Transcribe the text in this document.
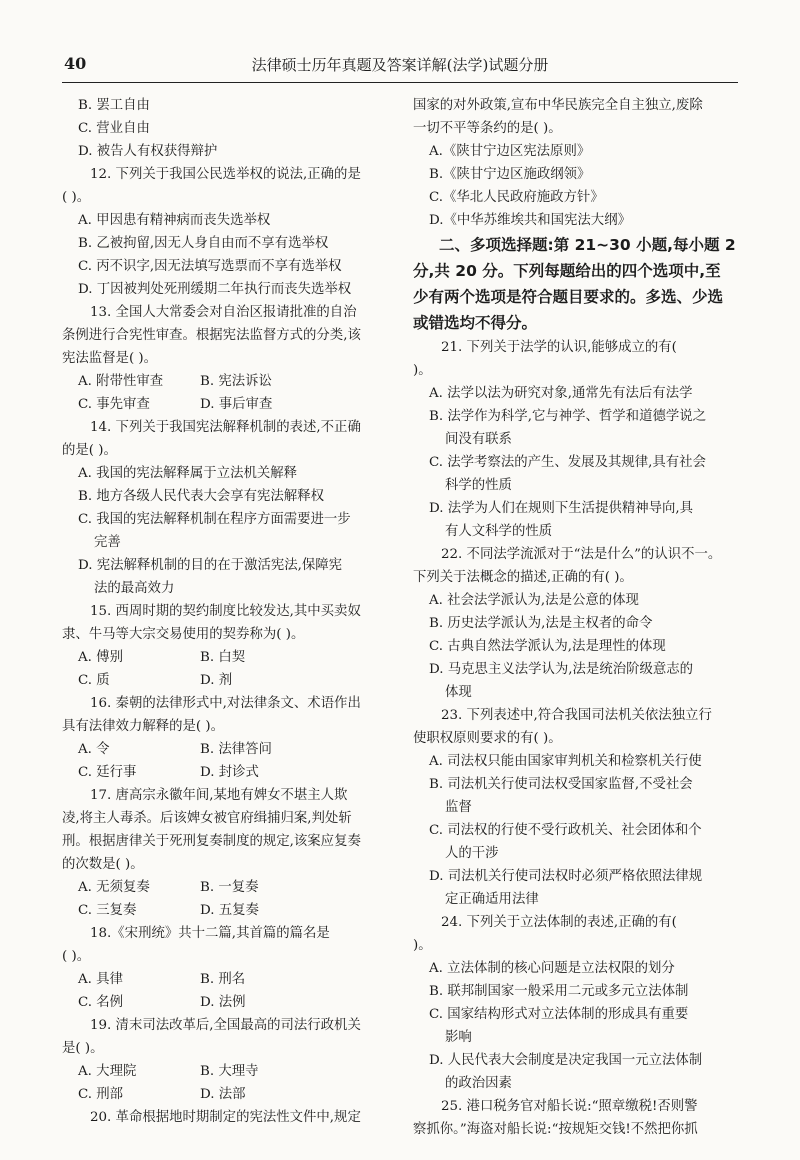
40	法律硕士历年真题及答案详解(法学)试题分册
B. 罢工自由
C. 营业自由
D. 被告人有权获得辩护
12. 下列关于我国公民选举权的说法,正确的是
( )。
A. 甲因患有精神病而丧失选举权
B. 乙被拘留,因无人身自由而不享有选举权
C. 丙不识字,因无法填写选票而不享有选举权
D. 丁因被判处死刑缓期二年执行而丧失选举权
13. 全国人大常委会对自治区报请批准的自治
条例进行合宪性审查。根据宪法监督方式的分类,该
宪法监督是( )。
A. 附带性审查	B. 宪法诉讼
C. 事先审查	D. 事后审查
14. 下列关于我国宪法解释机制的表述,不正确
的是( )。
A. 我国的宪法解释属于立法机关解释
B. 地方各级人民代表大会享有宪法解释权
C. 我国的宪法解释机制在程序方面需要进一步
完善
D. 宪法解释机制的目的在于激活宪法,保障宪
法的最高效力
15. 西周时期的契约制度比较发达,其中买卖奴
隶、牛马等大宗交易使用的契券称为( )。
A. 傅别	B. 白契
C. 质	D. 剂
16. 秦朝的法律形式中,对法律条文、术语作出
具有法律效力解释的是( )。
A. 令	B. 法律答问
C. 廷行事	D. 封诊式
17. 唐高宗永徽年间,某地有婢女不堪主人欺
凌,将主人毒杀。后该婢女被官府缉捕归案,判处斩
刑。根据唐律关于死刑复奏制度的规定,该案应复奏
的次数是( )。
A. 无须复奏	B. 一复奏
C. 三复奏	D. 五复奏
18.《宋刑统》共十二篇,其首篇的篇名是
( )。
A. 具律	B. 刑名
C. 名例	D. 法例
19. 清末司法改革后,全国最高的司法行政机关
是( )。
A. 大理院	B. 大理寺
C. 刑部	D. 法部
20. 革命根据地时期制定的宪法性文件中,规定
国家的对外政策,宣布中华民族完全自主独立,废除
一切不平等条约的是( )。
A.《陕甘宁边区宪法原则》
B.《陕甘宁边区施政纲领》
C.《华北人民政府施政方针》
D.《中华苏维埃共和国宪法大纲》
二、多项选择题:第 21~30 小题,每小题 2
分,共 20 分。下列每题给出的四个选项中,至
少有两个选项是符合题目要求的。多选、少选
或错选均不得分。
21. 下列关于法学的认识,能够成立的有(
)。
A. 法学以法为研究对象,通常先有法后有法学
B. 法学作为科学,它与神学、哲学和道德学说之
间没有联系
C. 法学考察法的产生、发展及其规律,具有社会
科学的性质
D. 法学为人们在规则下生活提供精神导向,具
有人文科学的性质
22. 不同法学流派对于“法是什么”的认识不一。
下列关于法概念的描述,正确的有( )。
A. 社会法学派认为,法是公意的体现
B. 历史法学派认为,法是主权者的命令
C. 古典自然法学派认为,法是理性的体现
D. 马克思主义法学认为,法是统治阶级意志的
体现
23. 下列表述中,符合我国司法机关依法独立行
使职权原则要求的有( )。
A. 司法权只能由国家审判机关和检察机关行使
B. 司法机关行使司法权受国家监督,不受社会
监督
C. 司法权的行使不受行政机关、社会团体和个
人的干涉
D. 司法机关行使司法权时必须严格依照法律规
定正确适用法律
24. 下列关于立法体制的表述,正确的有(
)。
A. 立法体制的核心问题是立法权限的划分
B. 联邦制国家一般采用二元或多元立法体制
C. 国家结构形式对立法体制的形成具有重要
影响
D. 人民代表大会制度是决定我国一元立法体制
的政治因素
25. 港口税务官对船长说:“照章缴税!否则警
察抓你。”海盗对船长说:“按规矩交钱!不然把你抓
